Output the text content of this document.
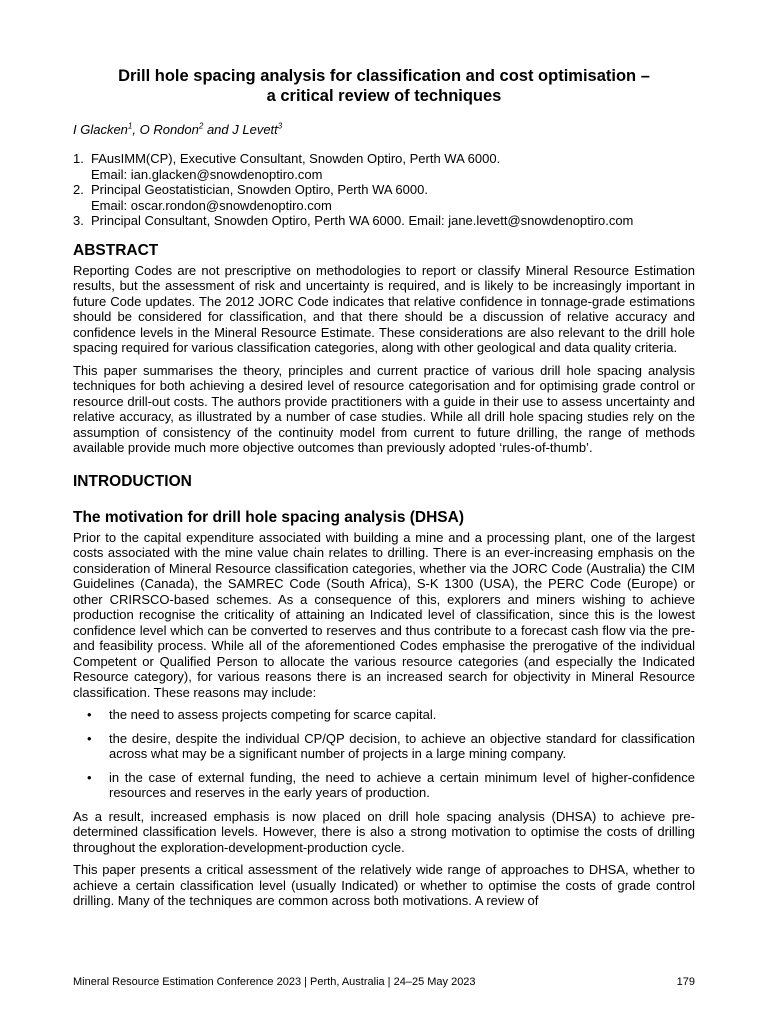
Drill hole spacing analysis for classification and cost optimisation –
a critical review of techniques
I Glacken$^1$, O Rondon$^2$ and J Levett$^3$
1. FAusIMM(CP), Executive Consultant, Snowden Optiro, Perth WA 6000.
Email: ian.glacken@snowdenoptiro.com
2. Principal Geostatistician, Snowden Optiro, Perth WA 6000.
Email: oscar.rondon@snowdenoptiro.com
3. Principal Consultant, Snowden Optiro, Perth WA 6000. Email: jane.levett@snowdenoptiro.com
ABSTRACT

Reporting Codes are not prescriptive on methodologies to report or classify Mineral Resource Estimation results, but the assessment of risk and uncertainty is required, and is likely to be increasingly important in future Code updates. The 2012 JORC Code indicates that relative confidence in tonnage-grade estimations should be considered for classification, and that there should be a discussion of relative accuracy and confidence levels in the Mineral Resource Estimate. These considerations are also relevant to the drill hole spacing required for various classification categories, along with other geological and data quality criteria.

This paper summarises the theory, principles and current practice of various drill hole spacing analysis techniques for both achieving a desired level of resource categorisation and for optimising grade control or resource drill-out costs. The authors provide practitioners with a guide in their use to assess uncertainty and relative accuracy, as illustrated by a number of case studies. While all drill hole spacing studies rely on the assumption of consistency of the continuity model from current to future drilling, the range of methods available provide much more objective outcomes than previously adopted ‘rules-of-thumb’.

INTRODUCTION
The motivation for drill hole spacing analysis (DHSA)

Prior to the capital expenditure associated with building a mine and a processing plant, one of the largest costs associated with the mine value chain relates to drilling. There is an ever-increasing emphasis on the consideration of Mineral Resource classification categories, whether via the JORC Code (Australia) the CIM Guidelines (Canada), the SAMREC Code (South Africa), S-K 1300 (USA), the PERC Code (Europe) or other CRIRSCO-based schemes. As a consequence of this, explorers and miners wishing to achieve production recognise the criticality of attaining an Indicated level of classification, since this is the lowest confidence level which can be converted to reserves and thus contribute to a forecast cash flow via the pre- and feasibility process. While all of the aforementioned Codes emphasise the prerogative of the individual Competent or Qualified Person to allocate the various resource categories (and especially the Indicated Resource category), for various reasons there is an increased search for objectivity in Mineral Resource classification. These reasons may include:

• the need to assess projects competing for scarce capital.
• the desire, despite the individual CP/QP decision, to achieve an objective standard for classification across what may be a significant number of projects in a large mining company.
• in the case of external funding, the need to achieve a certain minimum level of higher-confidence resources and reserves in the early years of production.

As a result, increased emphasis is now placed on drill hole spacing analysis (DHSA) to achieve pre-determined classification levels. However, there is also a strong motivation to optimise the costs of drilling throughout the exploration-development-production cycle.

This paper presents a critical assessment of the relatively wide range of approaches to DHSA, whether to achieve a certain classification level (usually Indicated) or whether to optimise the costs of grade control drilling. Many of the techniques are common across both motivations. A review of

Mineral Resource Estimation Conference 2023 | Perth, Australia | 24–25 May 2023	179
